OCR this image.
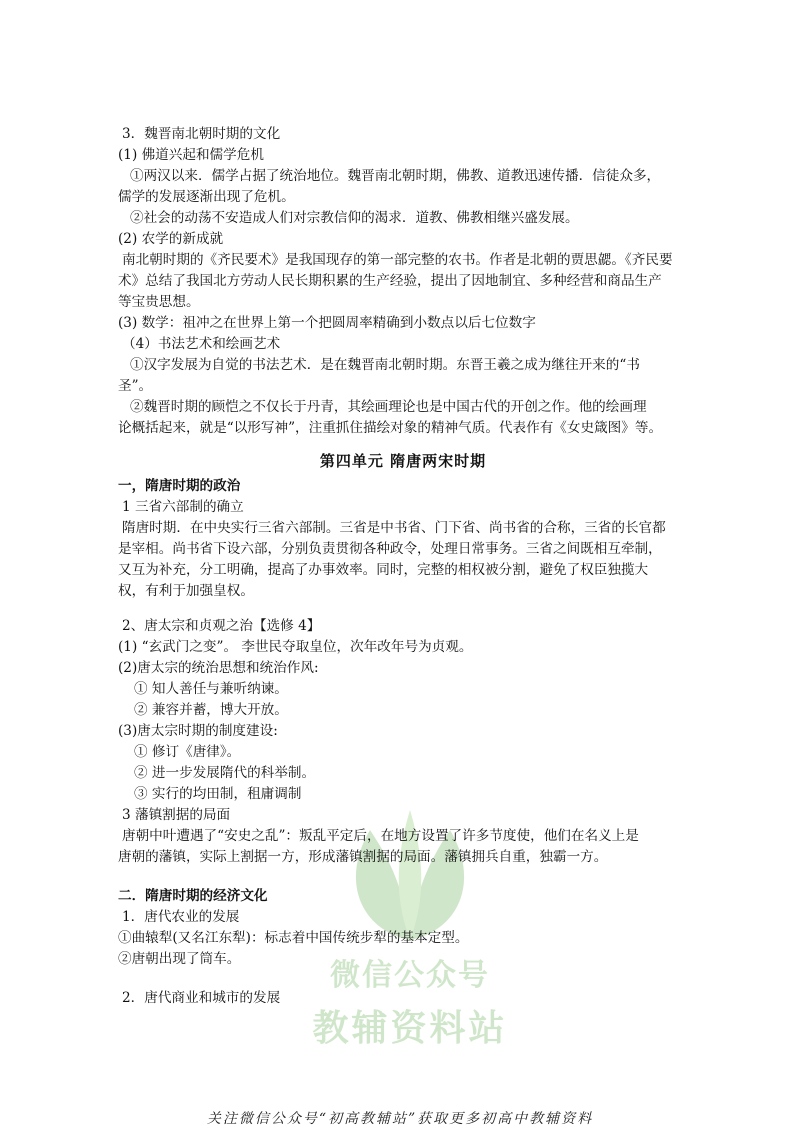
微信公众号
教辅资料站
3．魏晋南北朝时期的文化
(1) 佛道兴起和儒学危机
①两汉以来．儒学占据了统治地位。魏晋南北朝时期，佛教、道教迅速传播．信徒众多，
儒学的发展逐渐出现了危机。
②社会的动荡不安造成人们对宗教信仰的渴求．道教、佛教相继兴盛发展。
(2) 农学的新成就
南北朝时期的《齐民要术》是我国现存的第一部完整的农书。作者是北朝的贾思勰。《齐民要
术》总结了我国北方劳动人民长期积累的生产经验，提出了因地制宜、多种经营和商品生产
等宝贵思想。
(3) 数学：祖冲之在世界上第一个把圆周率精确到小数点以后七位数字
（4）书法艺术和绘画艺术
①汉字发展为自觉的书法艺术．是在魏晋南北朝时期。东晋王羲之成为继往开来的“书
圣”。
②魏晋时期的顾恺之不仅长于丹青，其绘画理论也是中国古代的开创之作。他的绘画理
论概括起来，就是“以形写神”，注重抓住描绘对象的精神气质。代表作有《女史箴图》等。
第四单元 隋唐两宋时期
一，隋唐时期的政治
1 三省六部制的确立
隋唐时期．在中央实行三省六部制。三省是中书省、门下省、尚书省的合称，三省的长官都
是宰相。尚书省下设六部，分别负责贯彻各种政令，处理日常事务。三省之间既相互牵制，
又互为补充，分工明确，提高了办事效率。同时，完整的相权被分割，避免了权臣独揽大
权，有利于加强皇权。
2、唐太宗和贞观之治【选修 4】
(1) “玄武门之变”。 李世民夺取皇位，次年改年号为贞观。
(2)唐太宗的统治思想和统治作风:
① 知人善任与兼听纳谏。
② 兼容并蓄，博大开放。
(3)唐太宗时期的制度建设:
① 修订《唐律》。
② 进一步发展隋代的科举制。
③ 实行的均田制，租庸调制
3 藩镇割据的局面
唐朝中叶遭遇了“安史之乱”：叛乱平定后，在地方设置了许多节度使，他们在名义上是
唐朝的藩镇，实际上割据一方，形成藩镇割据的局面。藩镇拥兵自重，独霸一方。
二．隋唐时期的经济文化
1．唐代农业的发展
①曲辕犁(又名江东犁)：标志着中国传统步犁的基本定型。
②唐朝出现了筒车。
2．唐代商业和城市的发展
关注微信公众号“初高教辅站”获取更多初高中教辅资料
